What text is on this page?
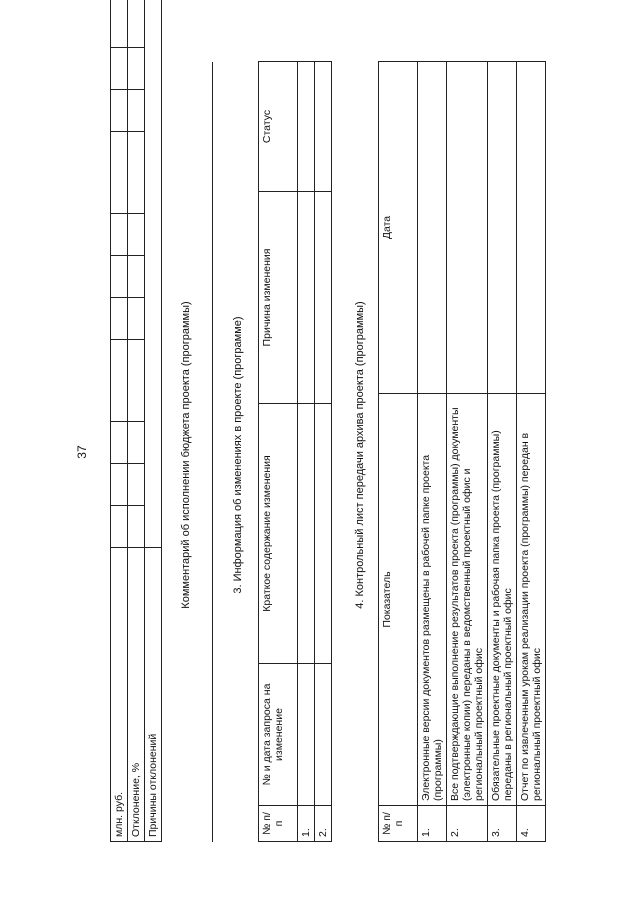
37
млн. руб.											
Отклонение, %											
Причины отклонений											
Комментарий об исполнении бюджета проекта (программы)	3. Информация об изменениях в проекте (программе)
№ п/п	№ и дата запроса на изменение	Краткое содержание изменения	Причина изменения	Статус
1.				
2.				
4. Контрольный лист передачи архива проекта (программы)
№ п/п	Показатель	Дата
1.	Электронные версии документов размещены в рабочей папке проекта (программы)	
2.	Все подтверждающие выполнение результатов проекта (программы) документы (электронные копии) переданы в ведомственный проектный офис и региональный проектный офис	
3.	Обязательные проектные документы и рабочая папка проекта (программы) переданы в региональный проектный офис	
4.	Отчет по извлеченным урокам реализации проекта (программы) передан в региональный проектный офис	
